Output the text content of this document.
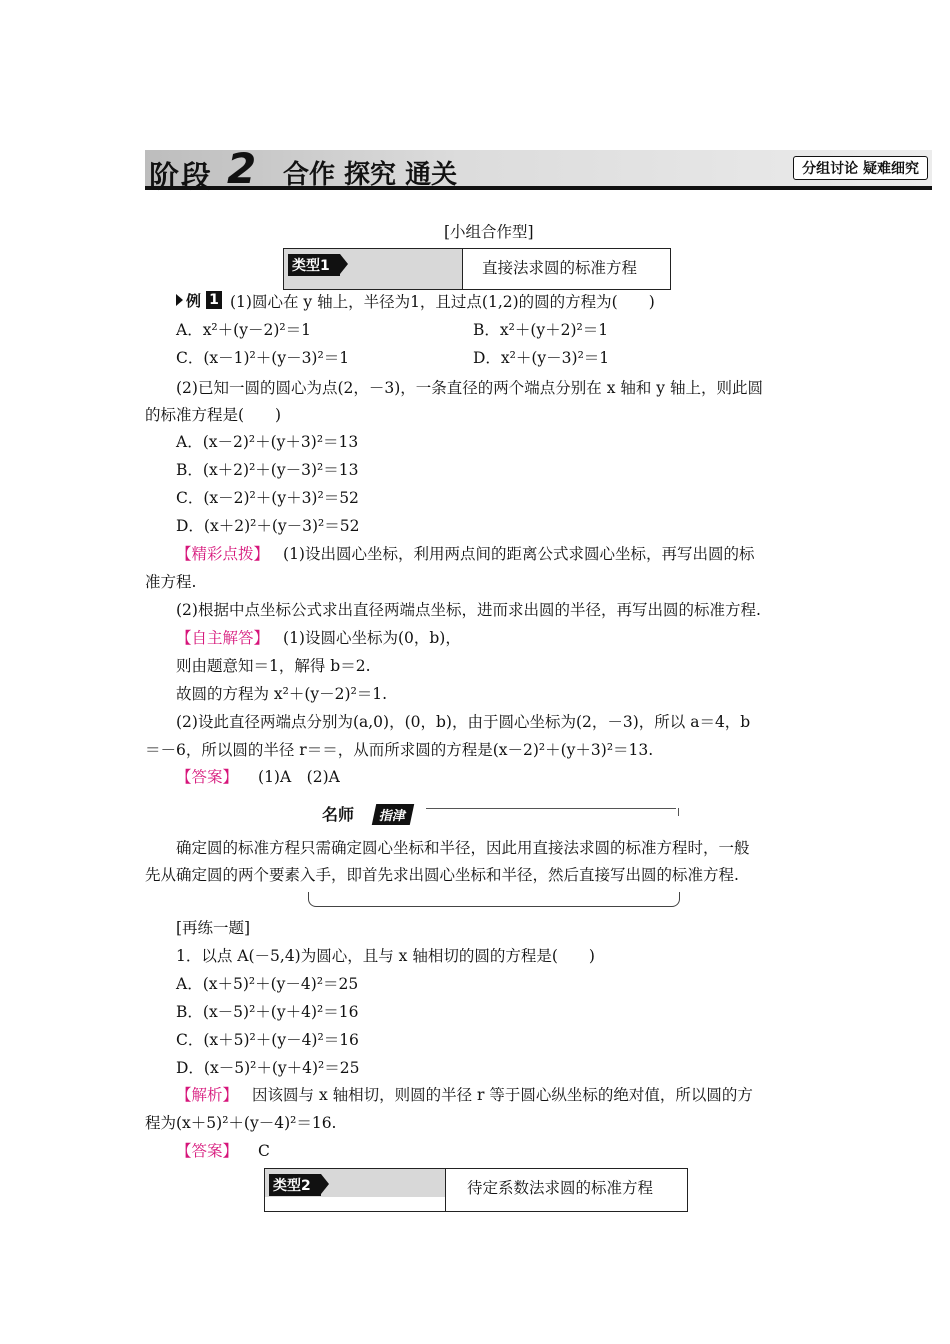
阶段 2 合作 探究 通关	分组讨论 疑难细究
[小组合作型]
类型1	直接法求圆的标准方程
例 1 (1)圆心在 y 轴上，半径为1，且过点(1,2)的圆的方程为(　　)
A．x²＋(y－2)²＝1	B．x²＋(y＋2)²＝1
C．(x－1)²＋(y－3)²＝1	D．x²＋(y－3)²＝1
(2)已知一圆的圆心为点(2，－3)，一条直径的两个端点分别在 x 轴和 y 轴上，则此圆
的标准方程是(　　)
A．(x－2)²＋(y＋3)²＝13
B．(x＋2)²＋(y－3)²＝13
C．(x－2)²＋(y＋3)²＝52
D．(x＋2)²＋(y－3)²＝52
【精彩点拨】 (1)设出圆心坐标，利用两点间的距离公式求圆心坐标，再写出圆的标
准方程.
(2)根据中点坐标公式求出直径两端点坐标，进而求出圆的半径，再写出圆的标准方程.
【自主解答】 (1)设圆心坐标为(0，b)，
则由题意知＝1，解得 b＝2.
故圆的方程为 x²＋(y－2)²＝1.
(2)设此直径两端点分别为(a,0)，(0，b)，由于圆心坐标为(2，－3)，所以 a＝4，b
＝－6，所以圆的半径 r＝＝，从而所求圆的方程是(x－2)²＋(y＋3)²＝13.
【答案】 (1)A　(2)A
名师	指津
确定圆的标准方程只需确定圆心坐标和半径，因此用直接法求圆的标准方程时，一般
先从确定圆的两个要素入手，即首先求出圆心坐标和半径，然后直接写出圆的标准方程.
[再练一题]
1．以点 A(－5,4)为圆心，且与 x 轴相切的圆的方程是(　　)
A．(x＋5)²＋(y－4)²＝25
B．(x－5)²＋(y＋4)²＝16
C．(x＋5)²＋(y－4)²＝16
D．(x－5)²＋(y＋4)²＝25
【解析】 因该圆与 x 轴相切，则圆的半径 r 等于圆心纵坐标的绝对值，所以圆的方
程为(x＋5)²＋(y－4)²＝16.
【答案】 C
类型2	待定系数法求圆的标准方程
